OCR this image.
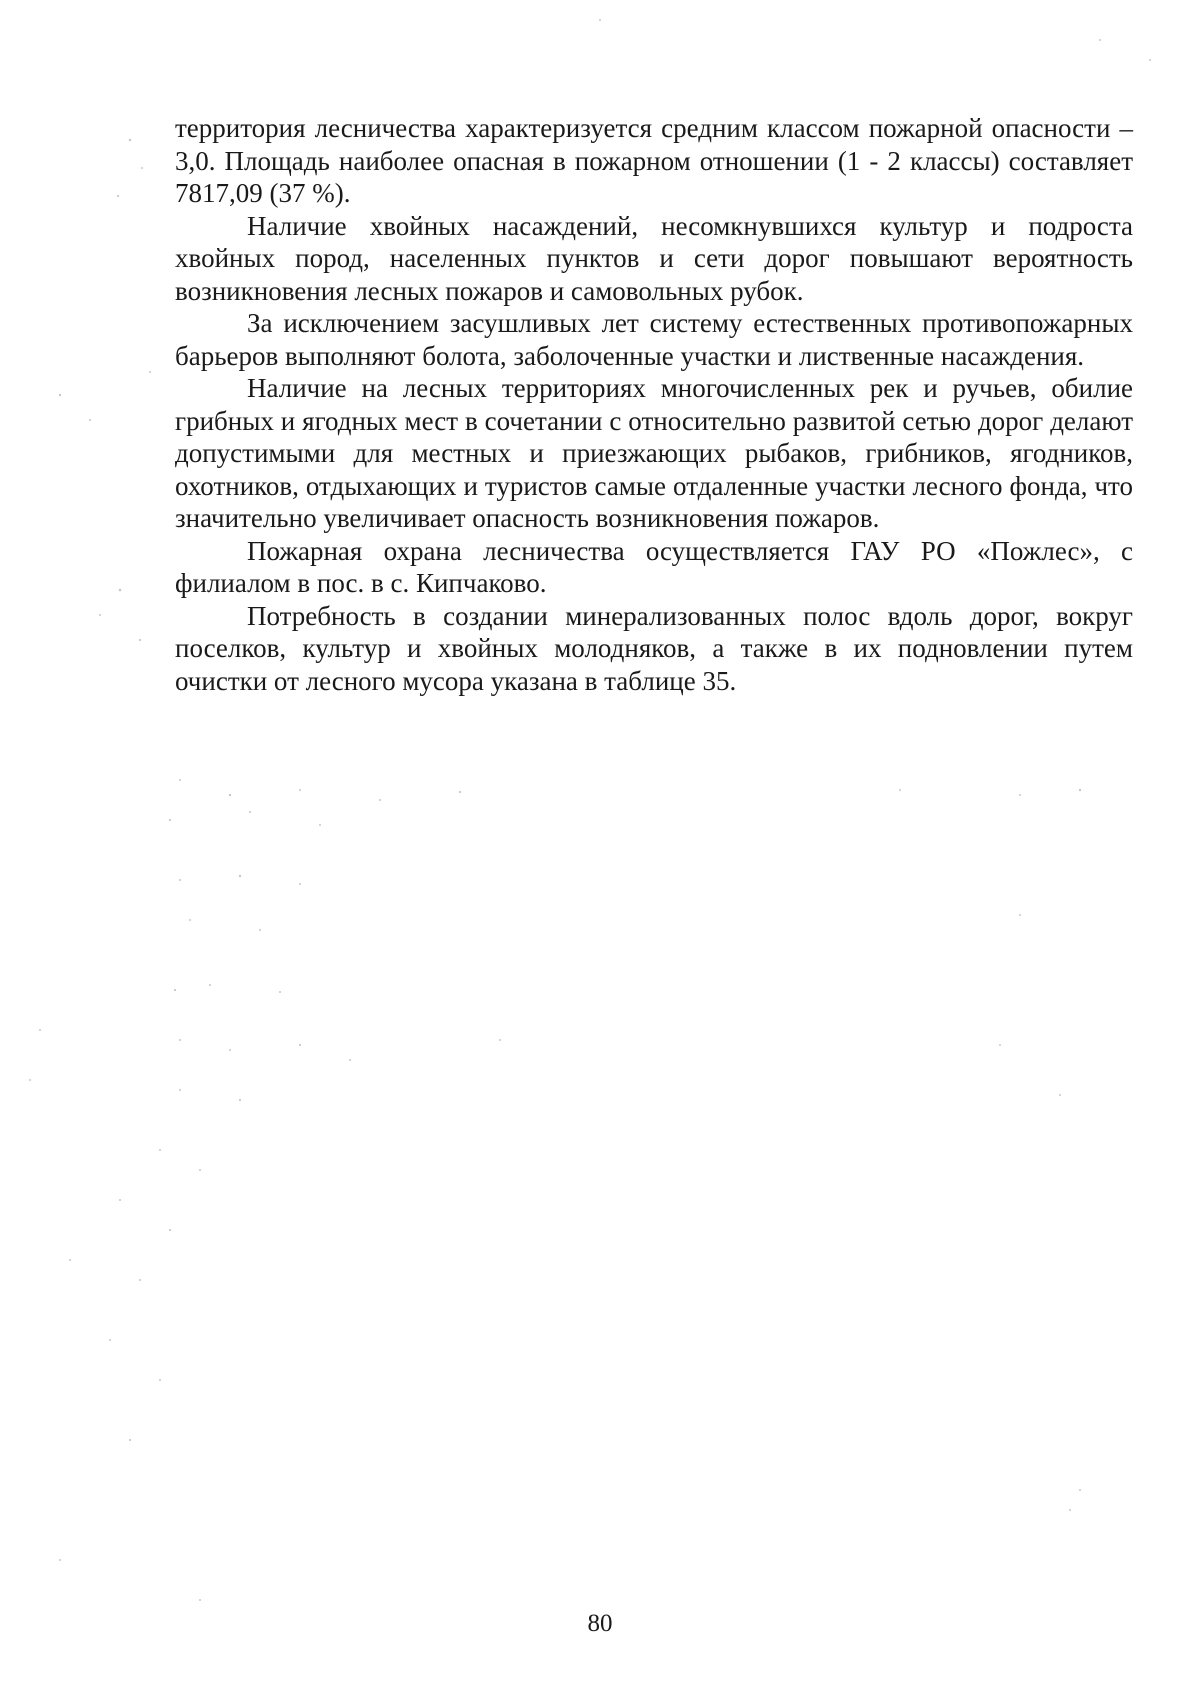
территория лесничества характеризуется средним классом пожарной опасности – 3,0. Площадь наиболее опасная в пожарном отношении (1 - 2 классы) составляет 7817,09 (37 %).

Наличие хвойных насаждений, несомкнувшихся культур и подроста хвойных пород, населенных пунктов и сети дорог повышают вероятность возникновения лесных пожаров и самовольных рубок.

За исключением засушливых лет систему естественных противопожарных барьеров выполняют болота, заболоченные участки и лиственные насаждения.

Наличие на лесных территориях многочисленных рек и ручьев, обилие грибных и ягодных мест в сочетании с относительно развитой сетью дорог делают допустимыми для местных и приезжающих рыбаков, грибников, ягодников, охотников, отдыхающих и туристов самые отдаленные участки лесного фонда, что значительно увеличивает опасность возникновения пожаров.

Пожарная охрана лесничества осуществляется ГАУ РО «Пожлес», с филиалом в пос. в с. Кипчаково.

Потребность в создании минерализованных полос вдоль дорог, вокруг поселков, культур и хвойных молодняков, а также в их подновлении путем очистки от лесного мусора указана в таблице 35.

80
